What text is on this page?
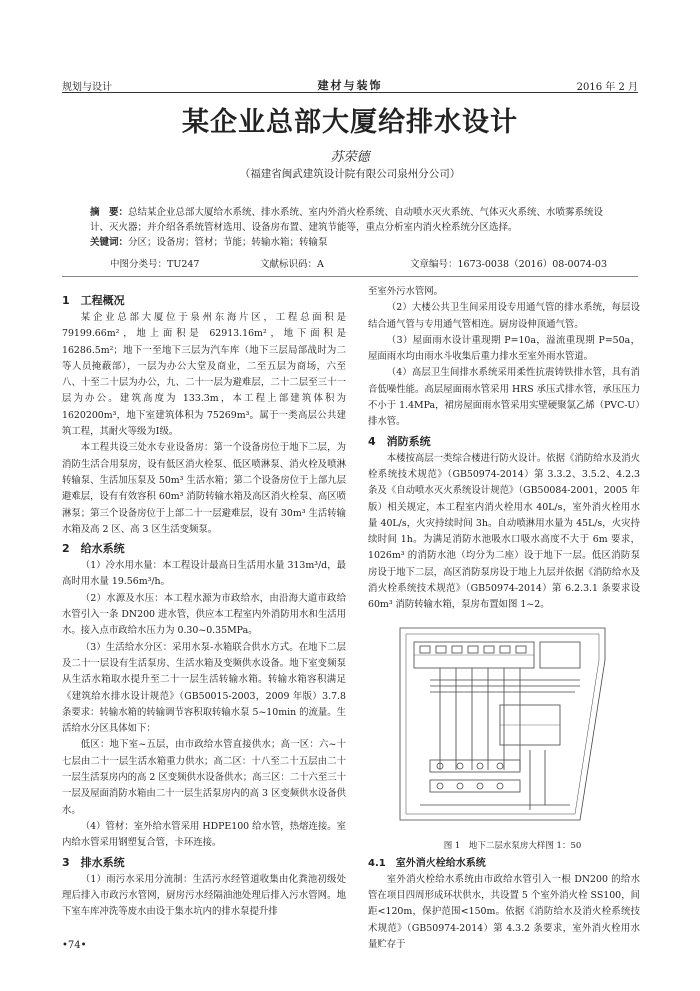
规划与设计	建材与装饰	2016 年 2 月
某企业总部大厦给排水设计
苏荣德
（福建省闽武建筑设计院有限公司泉州分公司）
摘　要：总结某企业总部大厦给水系统、排水系统、室内外消火栓系统、自动喷水灭火系统、气体灭火系统、水喷雾系统设计、灭火器；并介绍各系统管材选用、设备房布置、建筑节能等，重点分析室内消火栓系统分区选择。
关键词：分区；设备房；管材；节能；转输水箱；转输泵
中图分类号：TU247	文献标识码：A	文章编号：1673-0038（2016）08-0074-03
1　工程概况

某企业总部大厦位于泉州东海片区，工程总面积是79199.66m²，地上面积是 62913.16m²，地下面积是 16286.5m²；地下一至地下三层为汽车库（地下三层局部战时为二等人员掩蔽部），一层为办公大堂及商业，二至五层为商场，六至八、十至二十层为办公，九、二十一层为避难层，二十二层至三十一层为办公。建筑高度为 133.3m，本工程上部建筑体积为 1620200m³，地下室建筑体积为 75269m³。属于一类高层公共建筑工程，其耐火等级为Ⅰ级。

本工程共设三处水专业设备房：第一个设备房位于地下二层，为消防生活合用泵房，设有低区消火栓泵、低区喷淋泵、消火栓及喷淋转输泵、生活加压泵及 50m³ 生活水箱；第二个设备房位于上部九层避难层，设有有效容积 60m³ 消防转输水箱及高区消火栓泵、高区喷淋泵；第三个设备房位于上部二十一层避难层，设有 30m³ 生活转输水箱及高 2 区、高 3 区生活变频泵。

2　给水系统

（1）冷水用水量：本工程设计最高日生活用水量 313m³/d，最高时用水量 19.56m³/h。

（2）水源及水压：本工程水源为市政给水，由沿海大道市政给水管引入一条 DN200 进水管，供应本工程室内外消防用水和生活用水。接入点市政给水压力为 0.30~0.35MPa。

（3）生活给水分区：采用水泵-水箱联合供水方式。在地下二层及二十一层设有生活泵房、生活水箱及变频供水设备。地下室变频泵从生活水箱取水提升至二十一层生活转输水箱。转输水箱容积满足《建筑给水排水设计规范》（GB50015-2003，2009 年版）3.7.8 条要求：转输水箱的转输调节容积取转输水泵 5~10min 的流量。生活给水分区具体如下：

低区：地下室~五层，由市政给水管直接供水；高一区：六~十七层由二十一层生活水箱重力供水；高二区：十八至二十五层由二十一层生活泵房内的高 2 区变频供水设备供水；高三区：二十六至三十一层及屋面消防水箱由二十一层生活泵房内的高 3 区变频供水设备供水。

（4）管材：室外给水管采用 HDPE100 给水管，热熔连接。室内给水管采用钢塑复合管，卡环连接。

3　排水系统

（1）雨污水采用分流制：生活污水经管道收集由化粪池初级处理后排入市政污水管网，厨房污水经隔油池处理后排入污水管网。地下室车库冲洗等废水由设于集水坑内的排水泵提升排

至室外污水管网。

（2）大楼公共卫生间采用设专用通气管的排水系统，每层设结合通气管与专用通气管相连。厨房设伸顶通气管。

（3）屋面雨水设计重现期 P=10a，溢流重现期 P=50a，屋面雨水均由雨水斗收集后重力排水至室外雨水管道。

（4）高层卫生间排水系统采用柔性抗震铸铁排水管，具有消音低噪性能。高层屋面雨水管采用 HRS 承压式排水管，承压压力不小于 1.4MPa，裙房屋面雨水管采用实壁硬聚氯乙烯（PVC-U）排水管。

4　消防系统

本楼按高层一类综合楼进行防火设计。依据《消防给水及消火栓系统技术规范》（GB50974-2014）第 3.3.2、3.5.2、4.2.3 条及《自动喷水灭火系统设计规范》（GB50084-2001，2005 年版）相关规定，本工程室内消火栓用水 40L/s，室外消火栓用水量 40L/s，火灾持续时间 3h。自动喷淋用水量为 45L/s，火灾持续时间 1h。为满足消防水池吸水口吸水高度不大于 6m 要求，1026m³ 的消防水池（均分为二座）设于地下一层。低区消防泵房设于地下二层，高区消防泵房设于地上九层并依据《消防给水及消火栓系统技术规范》（GB50974-2014）第 6.2.3.1 条要求设 60m³ 消防转输水箱，泵房布置如图 1~2。

图 1　地下二层水泵房大样图 1：50

4.1　室外消火栓给水系统

室外消火栓给水系统由市政给水管引入一根 DN200 的给水管在项目四周形成环状供水，共设置 5 个室外消火栓 SS100，间距<120m，保护范围<150m。依据《消防给水及消火栓系统技术规范》（GB50974-2014）第 4.3.2 条要求，室外消火栓用水量贮存于

•74•
